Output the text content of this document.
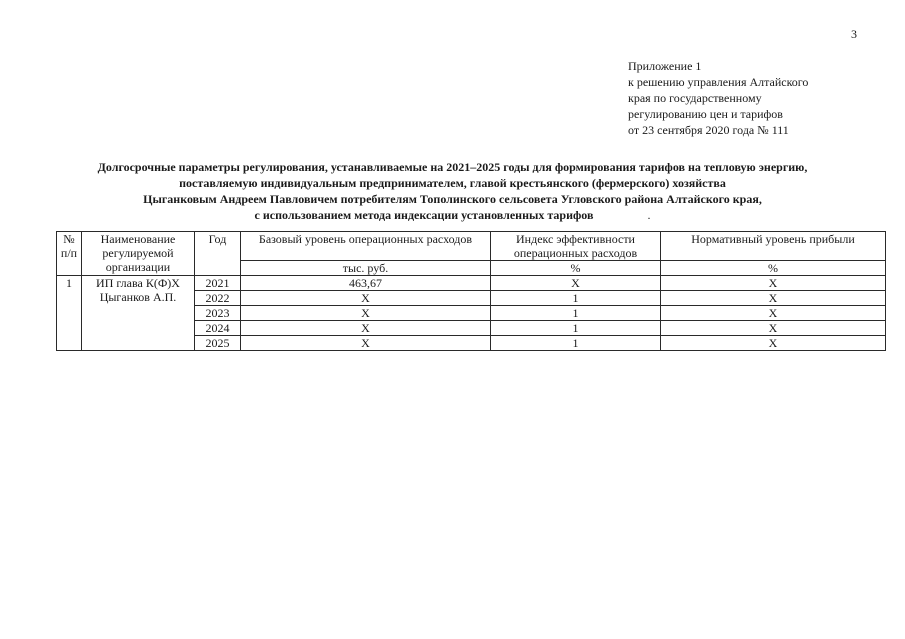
3
Приложение 1
к решению управления Алтайского
края по государственному
регулированию цен и тарифов
от 23 сентября 2020 года № 111
Долгосрочные параметры регулирования, устанавливаемые на 2021–2025 годы для формирования тарифов на тепловую энергию,
поставляемую индивидуальным предпринимателем, главой крестьянского (фермерского) хозяйства
Цыганковым Андреем Павловичем потребителям Тополинского сельсовета Угловского района Алтайского края,
с использованием метода индексации установленных тарифов	.
№ п/п	Наименование регулируемой организации	Год	Базовый уровень операционных расходов	Индекс эффективности операционных расходов	Нормативный уровень прибыли
			тыс. руб.	%	%
1	ИП глава К(Ф)Х Цыганков А.П.	2021	463,67	Х	Х
		2022	Х	1	Х
		2023	Х	1	Х
		2024	Х	1	Х
		2025	Х	1	Х
